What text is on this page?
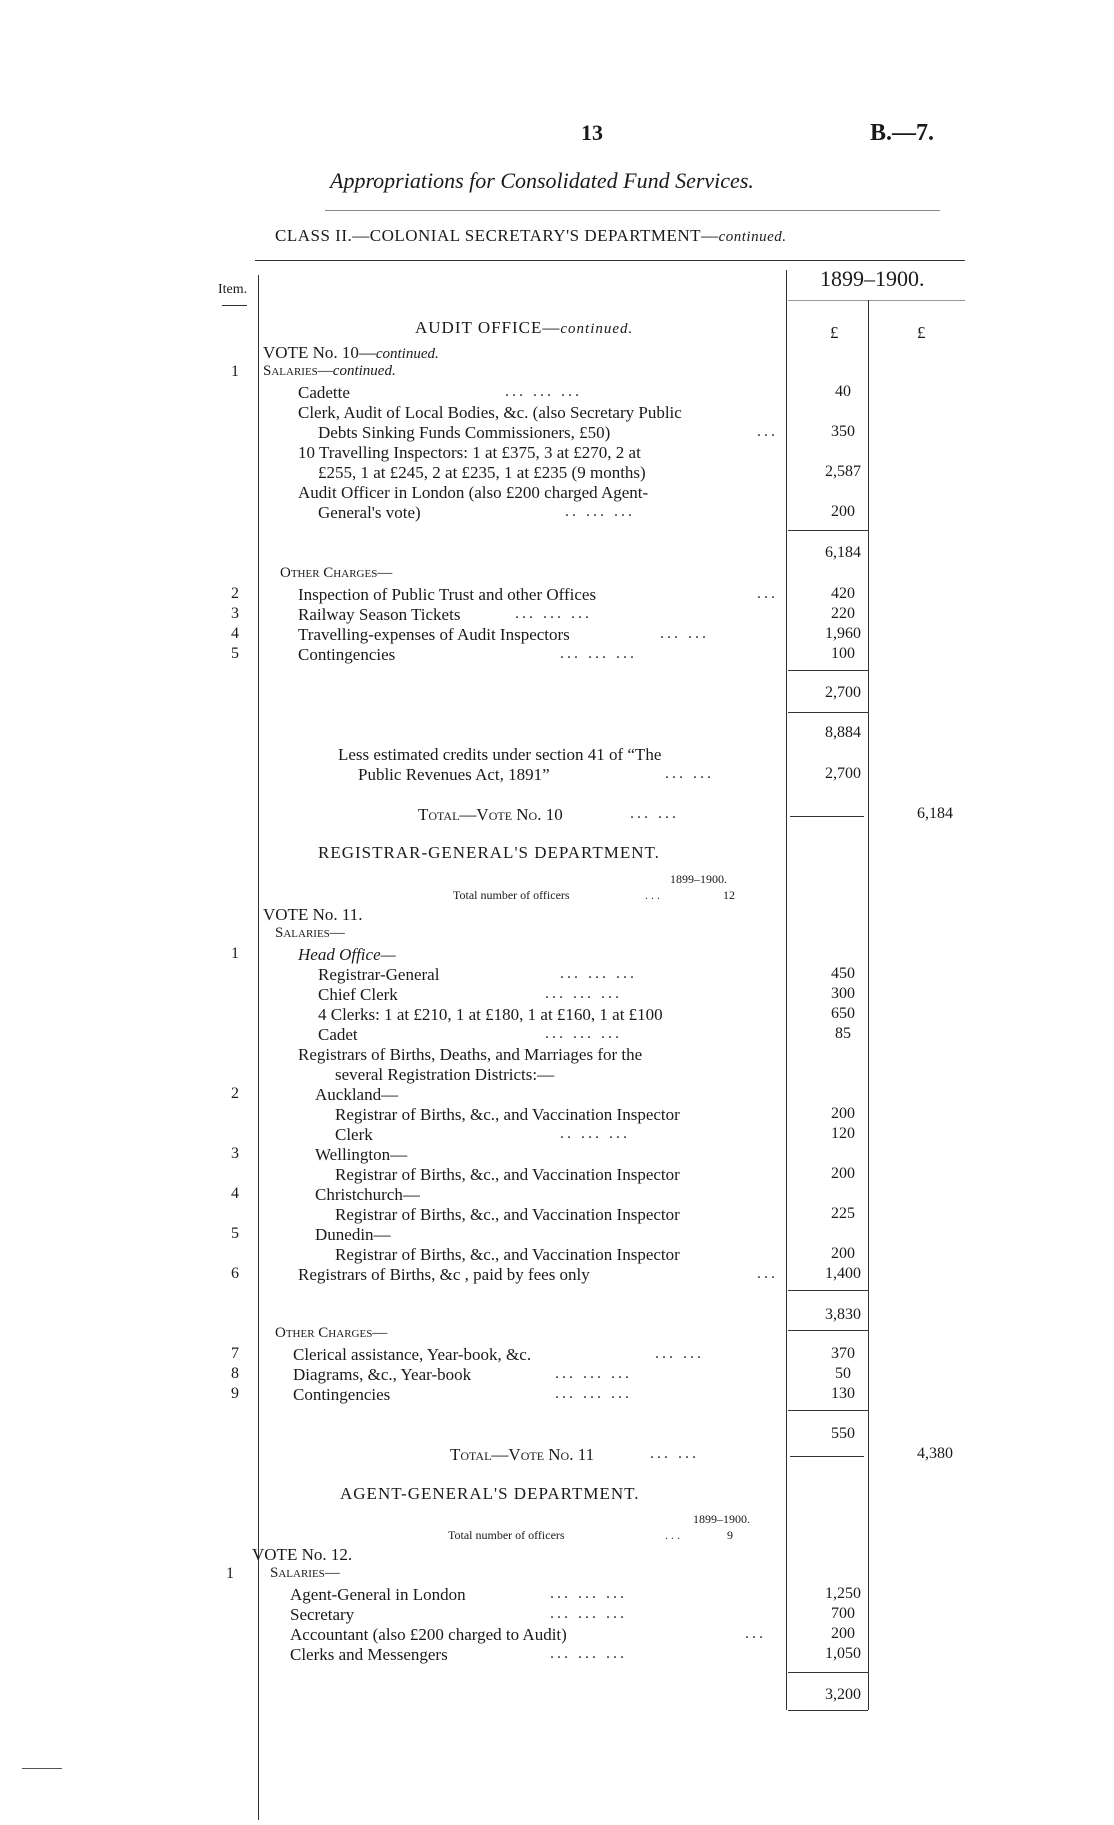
13	B.—7.
Appropriations for Consolidated Fund Services.
CLASS II.—COLONIAL SECRETARY'S DEPARTMENT—continued.
Item.	1899–1900.
£	£
AUDIT OFFICE—continued.
VOTE No. 10—continued.
1	Salaries—continued.
Cadette	... ... ...	40
Clerk, Audit of Local Bodies, &c. (also Secretary Public
Debts Sinking Funds Commissioners, £50)	...	350
10 Travelling Inspectors: 1 at £375, 3 at £270, 2 at
£255, 1 at £245, 2 at £235, 1 at £235 (9 months)	2,587
Audit Officer in London (also £200 charged Agent-
General's vote)	.. ... ...	200
6,184
Other Charges—
2	Inspection of Public Trust and other Offices	...	420
3	Railway Season Tickets	... ... ...	220
4	Travelling-expenses of Audit Inspectors	... ...	1,960
5	Contingencies	... ... ...	100
2,700
8,884
Less estimated credits under section 41 of “The
Public Revenues Act, 1891”	... ...	2,700
Total—Vote No. 10	... ...	6,184
REGISTRAR-GENERAL'S DEPARTMENT.
1899–1900.
Total number of officers	...	12
VOTE No. 11.
Salaries—
1	Head Office—
Registrar-General	... ... ...	450
Chief Clerk	... ... ...	300
4 Clerks: 1 at £210, 1 at £180, 1 at £160, 1 at £100	650
Cadet	... ... ...	85
Registrars of Births, Deaths, and Marriages for the
several Registration Districts:—
2	Auckland—
Registrar of Births, &c., and Vaccination Inspector	200
Clerk	.. ... ...	120
3	Wellington—
Registrar of Births, &c., and Vaccination Inspector	200
4	Christchurch—
Registrar of Births, &c., and Vaccination Inspector	225
5	Dunedin—
Registrar of Births, &c., and Vaccination Inspector	200
6	Registrars of Births, &c , paid by fees only	...	1,400
3,830
Other Charges—
7	Clerical assistance, Year-book, &c.	... ...	370
8	Diagrams, &c., Year-book	... ... ...	50
9	Contingencies	... ... ...	130
550
Total—Vote No. 11	... ...	4,380
AGENT-GENERAL'S DEPARTMENT.
1899–1900.
Total number of officers	...	9
VOTE No. 12.
1	Salaries—
Agent-General in London	... ... ...	1,250
Secretary	... ... ...	700
Accountant (also £200 charged to Audit)	...	200
Clerks and Messengers	... ... ...	1,050
3,200
